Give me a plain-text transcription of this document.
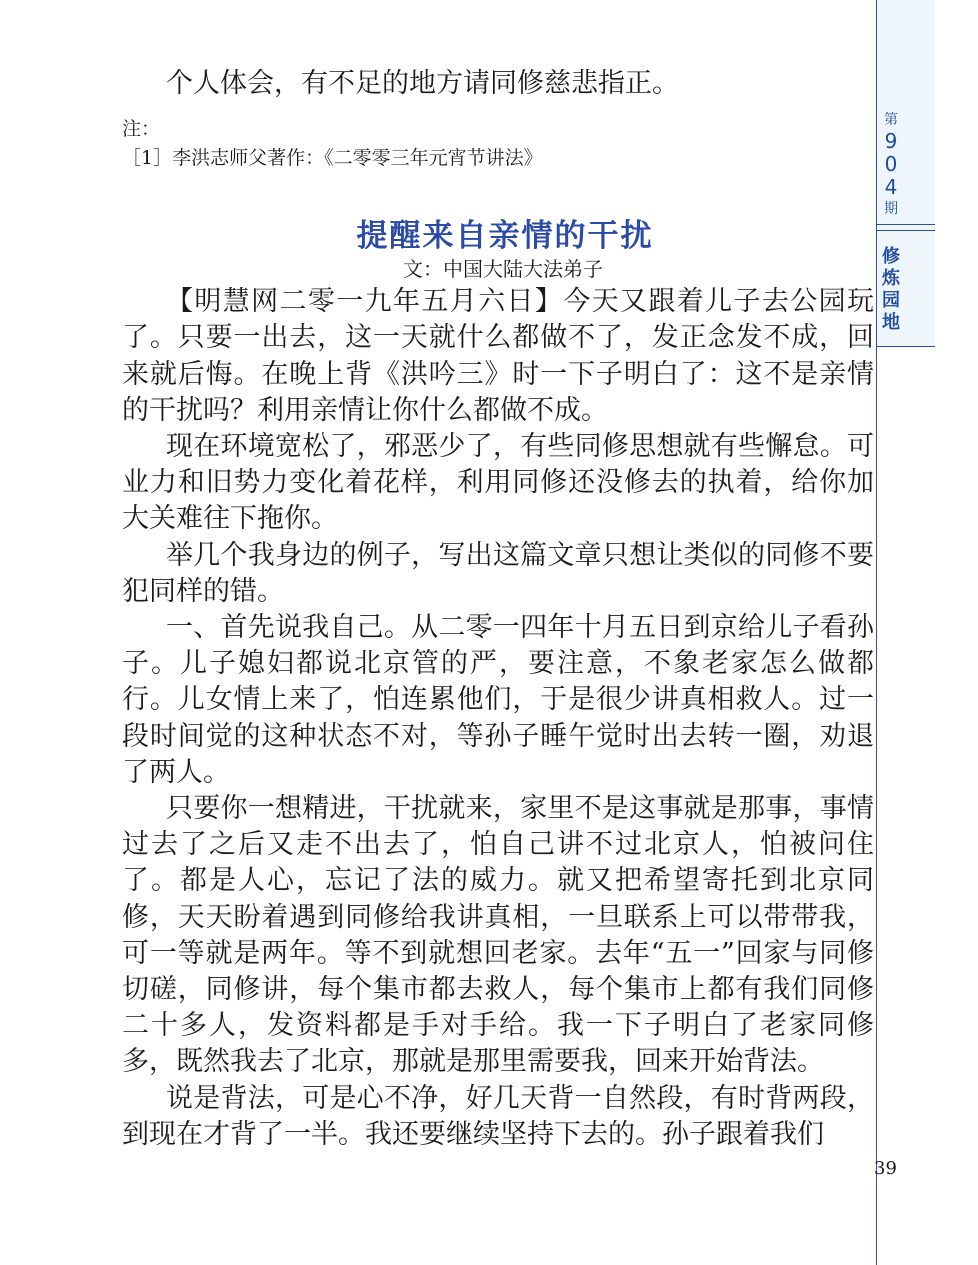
第
9
0
4
期
修
炼
园
地

个人体会，有不足的地方请同修慈悲指正。

注：
［1］李洪志师父著作：《二零零三年元宵节讲法》
提醒来自亲情的干扰
文：中国大陆大法弟子

【明慧网二零一九年五月六日】今天又跟着儿子去公园玩了。只要一出去，这一天就什么都做不了，发正念发不成，回来就后悔。在晚上背《洪吟三》时一下子明白了：这不是亲情的干扰吗？利用亲情让你什么都做不成。

现在环境宽松了，邪恶少了，有些同修思想就有些懈怠。可业力和旧势力变化着花样，利用同修还没修去的执着，给你加大关难往下拖你。

举几个我身边的例子，写出这篇文章只想让类似的同修不要犯同样的错。

一、首先说我自己。从二零一四年十月五日到京给儿子看孙子。儿子媳妇都说北京管的严，要注意，不象老家怎么做都行。儿女情上来了，怕连累他们，于是很少讲真相救人。过一段时间觉的这种状态不对，等孙子睡午觉时出去转一圈，劝退了两人。

只要你一想精进，干扰就来，家里不是这事就是那事，事情过去了之后又走不出去了，怕自己讲不过北京人，怕被问住了。都是人心，忘记了法的威力。就又把希望寄托到北京同修，天天盼着遇到同修给我讲真相，一旦联系上可以带带我，可一等就是两年。等不到就想回老家。去年“五一”回家与同修切磋，同修讲，每个集市都去救人，每个集市上都有我们同修二十多人，发资料都是手对手给。我一下子明白了老家同修多，既然我去了北京，那就是那里需要我，回来开始背法。

说是背法，可是心不净，好几天背一自然段，有时背两段，到现在才背了一半。我还要继续坚持下去的。孙子跟着我们

39
